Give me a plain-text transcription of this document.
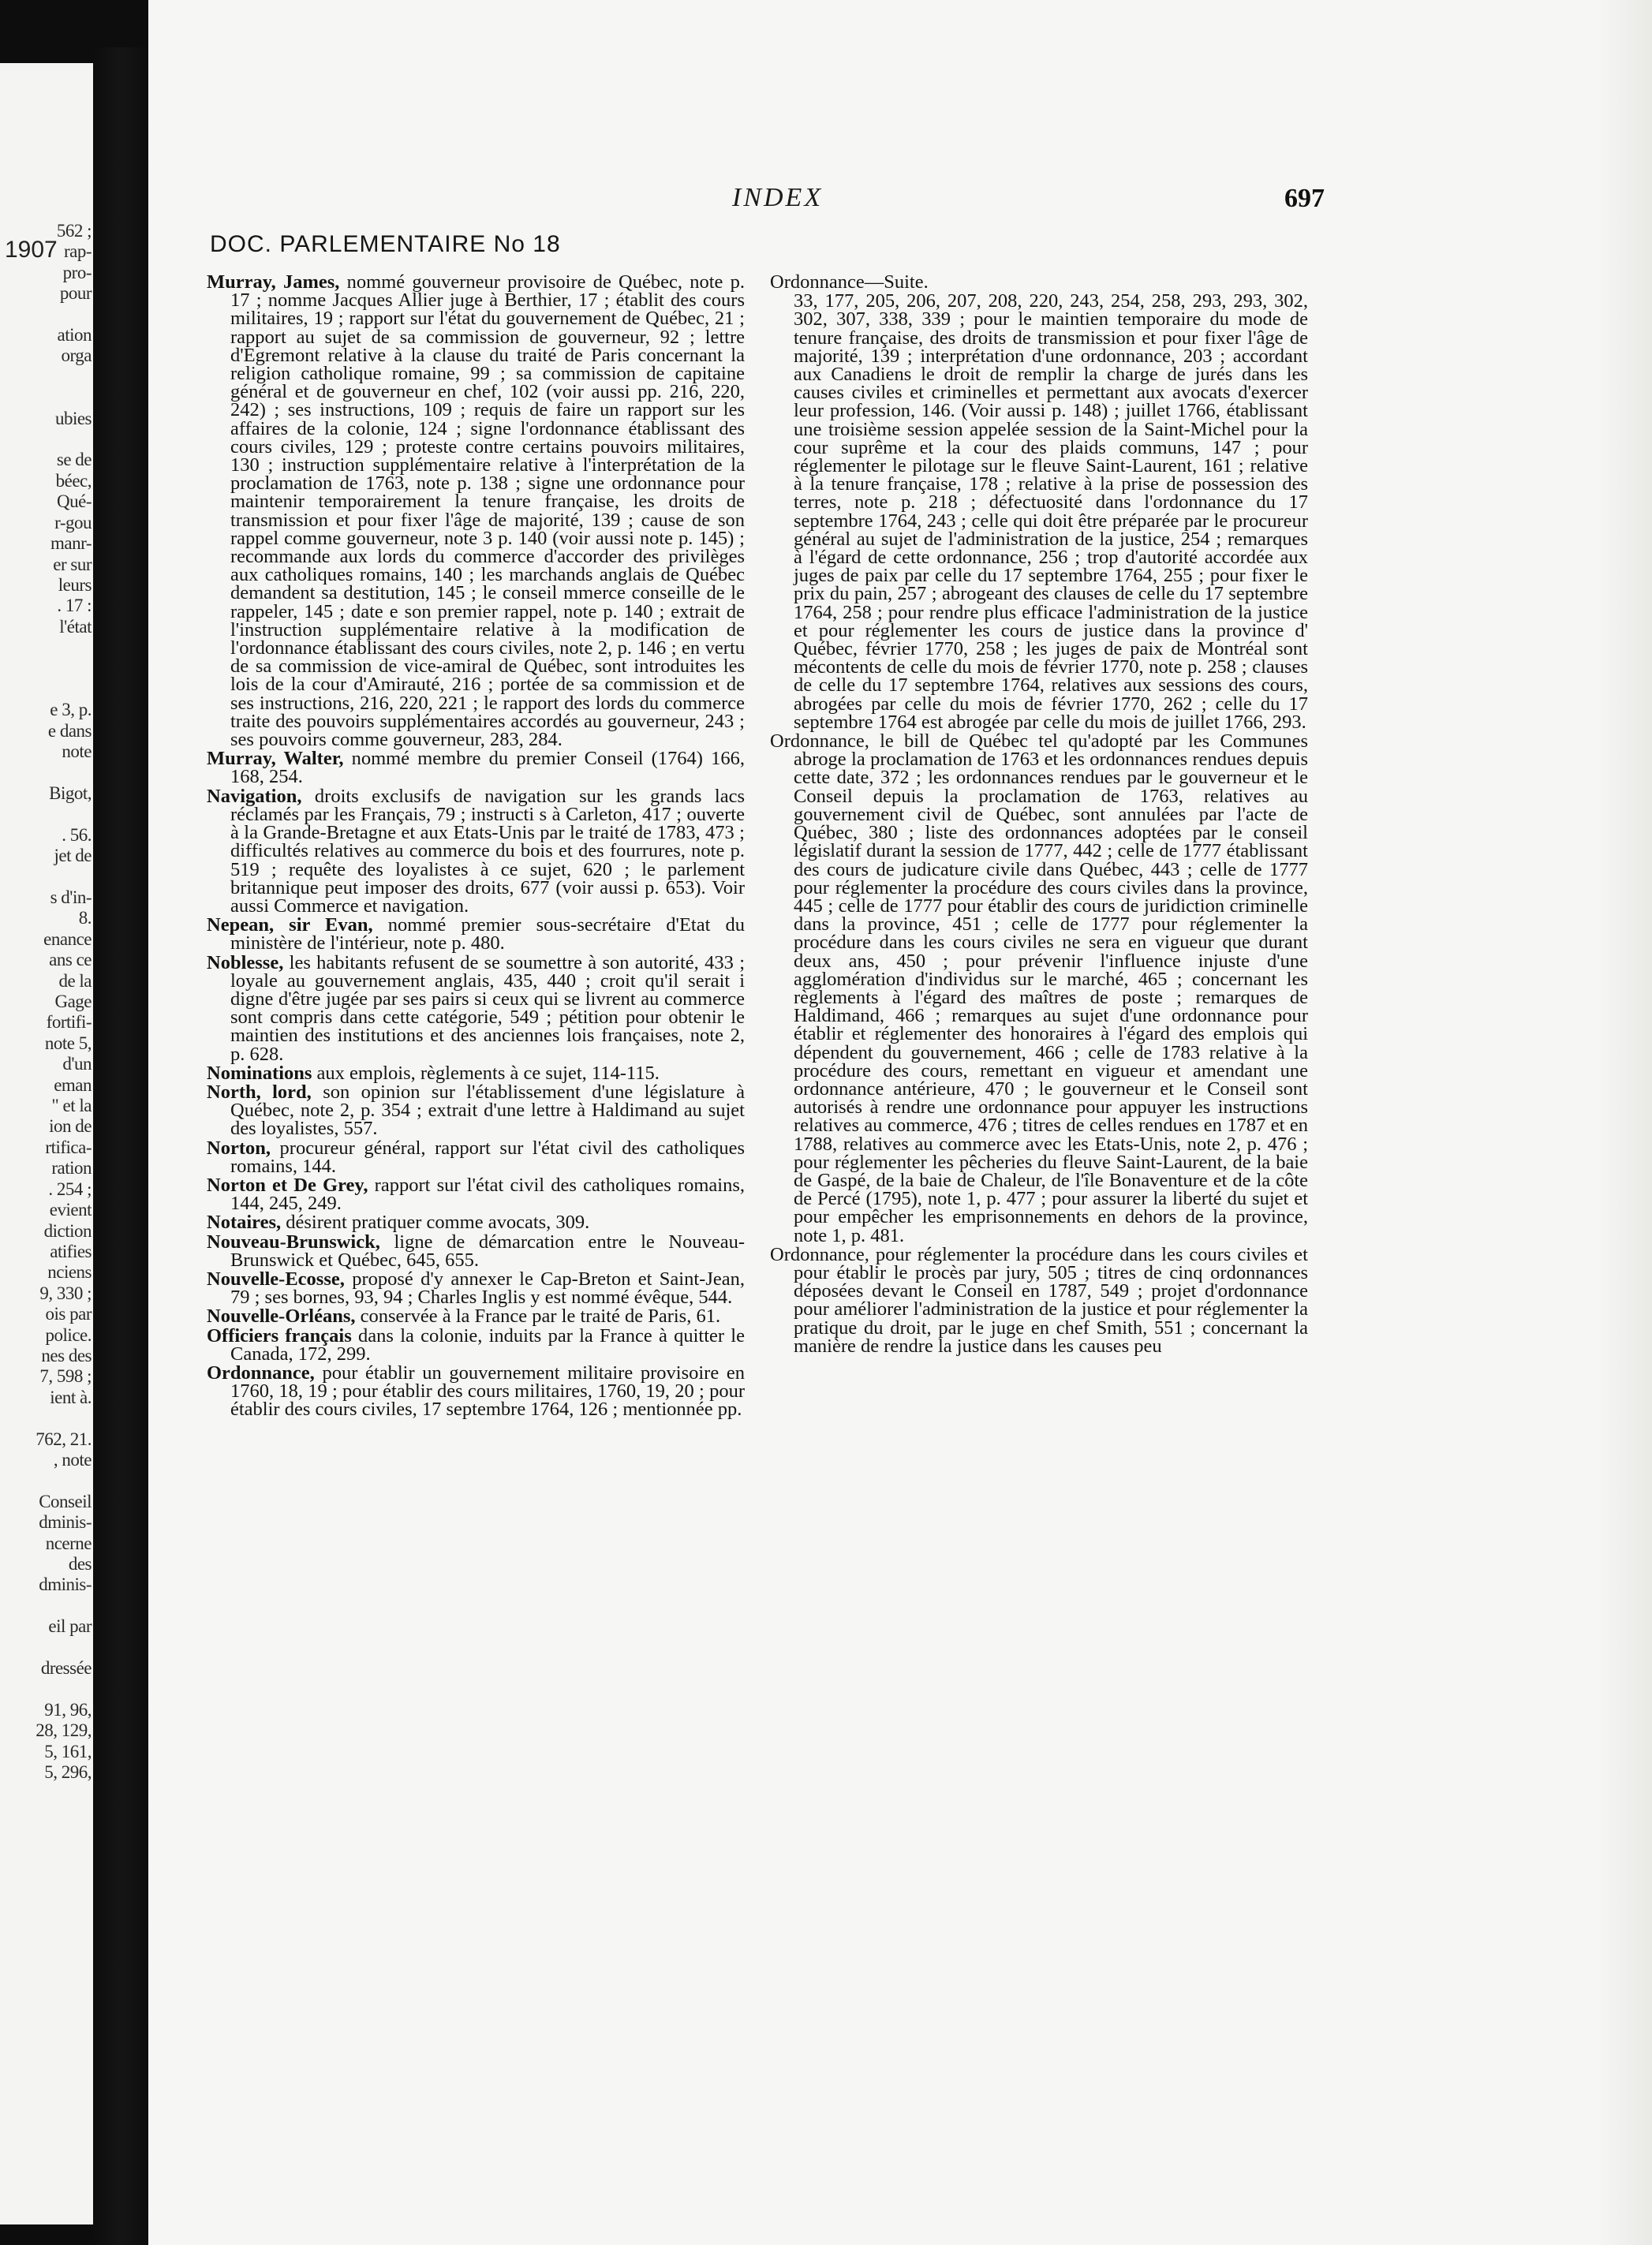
562 ;
rap-
pro-
pour

ation
orga

ubies

se de
béec,
Qué-
r-gou
manr-
er sur
leurs
. 17 :
l'état

e 3, p.
e dans
note

Bigot,

. 56.
jet de

s d'in-
8.
enance
ans ce
de la
Gage
fortifi-
note 5,
d'un
eman
" et la
ion de
rtifica-
ration
. 254 ;
evient
diction
atifies
nciens
9, 330 ;
ois par
police.
nes des
7, 598 ;
ient à.

762, 21.
, note

Conseil
dminis-
ncerne
des
dminis-

eil par

dressée

91, 96,
28, 129,
5, 161,
5, 296,
1907
INDEX	697
DOC. PARLEMENTAIRE No 18
Murray, James, nommé gouverneur provisoire de Québec, note p. 17 ; nomme Jacques Allier juge à Berthier, 17 ; établit des cours militaires, 19 ; rapport sur l'état du gouvernement de Québec, 21 ; rapport au sujet de sa commission de gouverneur, 92 ; lettre d'Egremont relative à la clause du traité de Paris concernant la religion catholique romaine, 99 ; sa commission de capitaine général et de gouverneur en chef, 102 (voir aussi pp. 216, 220, 242) ; ses instructions, 109 ; requis de faire un rapport sur les affaires de la colonie, 124 ; signe l'ordonnance établissant des cours civiles, 129 ; proteste contre certains pouvoirs militaires, 130 ; instruction supplémentaire relative à l'interprétation de la proclamation de 1763, note p. 138 ; signe une ordonnance pour maintenir temporairement la tenure française, les droits de transmission et pour fixer l'âge de majorité, 139 ; cause de son rappel comme gouverneur, note 3 p. 140 (voir aussi note p. 145) ; recommande aux lords du commerce d'accorder des privilèges aux catholiques romains, 140 ; les marchands anglais de Québec demandent sa destitution, 145 ; le conseil mmerce conseille de le rappeler, 145 ; date e son premier rappel, note p. 140 ; extrait de l'instruction supplémentaire relative à la modification de l'ordonnance établissant des cours civiles, note 2, p. 146 ; en vertu de sa commission de vice-amiral de Québec, sont introduites les lois de la cour d'Amirauté, 216 ; portée de sa commission et de ses instructions, 216, 220, 221 ; le rapport des lords du commerce traite des pouvoirs supplémentaires accordés au gouverneur, 243 ; ses pouvoirs comme gouverneur, 283, 284.
Murray, Walter, nommé membre du premier Conseil (1764) 166, 168, 254.
Navigation, droits exclusifs de navigation sur les grands lacs réclamés par les Français, 79 ; instructi s à Carleton, 417 ; ouverte à la Grande-Bretagne et aux Etats-Unis par le traité de 1783, 473 ; difficultés relatives au commerce du bois et des fourrures, note p. 519 ; requête des loyalistes à ce sujet, 620 ; le parlement britannique peut imposer des droits, 677 (voir aussi p. 653). Voir aussi Commerce et navigation.
Nepean, sir Evan, nommé premier sous-secrétaire d'Etat du ministère de l'intérieur, note p. 480.
Noblesse, les habitants refusent de se soumettre à son autorité, 433 ; loyale au gouvernement anglais, 435, 440 ; croit qu'il serait i digne d'être jugée par ses pairs si ceux qui se livrent au commerce sont compris dans cette catégorie, 549 ; pétition pour obtenir le maintien des institutions et des anciennes lois françaises, note 2, p. 628.
Nominations aux emplois, règlements à ce sujet, 114-115.
North, lord, son opinion sur l'établissement d'une législature à Québec, note 2, p. 354 ; extrait d'une lettre à Haldimand au sujet des loyalistes, 557.
Norton, procureur général, rapport sur l'état civil des catholiques romains, 144.
Norton et De Grey, rapport sur l'état civil des catholiques romains, 144, 245, 249.
Notaires, désirent pratiquer comme avocats, 309.
Nouveau-Brunswick, ligne de démarcation entre le Nouveau-Brunswick et Québec, 645, 655.
Nouvelle-Ecosse, proposé d'y annexer le Cap-Breton et Saint-Jean, 79 ; ses bornes, 93, 94 ; Charles Inglis y est nommé évêque, 544.
Nouvelle-Orléans, conservée à la France par le traité de Paris, 61.
Officiers français dans la colonie, induits par la France à quitter le Canada, 172, 299.
Ordonnance, pour établir un gouvernement militaire provisoire en 1760, 18, 19 ; pour établir des cours militaires, 1760, 19, 20 ; pour établir des cours civiles, 17 septembre 1764, 126 ; mentionnée pp.
Ordonnance—Suite.
33, 177, 205, 206, 207, 208, 220, 243, 254, 258, 293, 293, 302, 302, 307, 338, 339 ; pour le maintien temporaire du mode de tenure française, des droits de transmission et pour fixer l'âge de majorité, 139 ; interprétation d'une ordonnance, 203 ; accordant aux Canadiens le droit de remplir la charge de jurés dans les causes civiles et criminelles et permettant aux avocats d'exercer leur profession, 146. (Voir aussi p. 148) ; juillet 1766, établissant une troisième session appelée session de la Saint-Michel pour la cour suprême et la cour des plaids communs, 147 ; pour réglementer le pilotage sur le fleuve Saint-Laurent, 161 ; relative à la tenure française, 178 ; relative à la prise de possession des terres, note p. 218 ; défectuosité dans l'ordonnance du 17 septembre 1764, 243 ; celle qui doit être préparée par le procureur général au sujet de l'administration de la justice, 254 ; remarques à l'égard de cette ordonnance, 256 ; trop d'autorité accordée aux juges de paix par celle du 17 septembre 1764, 255 ; pour fixer le prix du pain, 257 ; abrogeant des clauses de celle du 17 septembre 1764, 258 ; pour rendre plus efficace l'administration de la justice et pour réglementer les cours de justice dans la province d' Québec, février 1770, 258 ; les juges de paix de Montréal sont mécontents de celle du mois de février 1770, note p. 258 ; clauses de celle du 17 septembre 1764, relatives aux sessions des cours, abrogées par celle du mois de février 1770, 262 ; celle du 17 septembre 1764 est abrogée par celle du mois de juillet 1766, 293.
Ordonnance, le bill de Québec tel qu'adopté par les Communes abroge la proclamation de 1763 et les ordonnances rendues depuis cette date, 372 ; les ordonnances rendues par le gouverneur et le Conseil depuis la proclamation de 1763, relatives au gouvernement civil de Québec, sont annulées par l'acte de Québec, 380 ; liste des ordonnances adoptées par le conseil législatif durant la session de 1777, 442 ; celle de 1777 établissant des cours de judicature civile dans Québec, 443 ; celle de 1777 pour réglementer la procédure des cours civiles dans la province, 445 ; celle de 1777 pour établir des cours de juridiction criminelle dans la province, 451 ; celle de 1777 pour réglementer la procédure dans les cours civiles ne sera en vigueur que durant deux ans, 450 ; pour prévenir l'influence injuste d'une agglomération d'individus sur le marché, 465 ; concernant les règlements à l'égard des maîtres de poste ; remarques de Haldimand, 466 ; remarques au sujet d'une ordonnance pour établir et réglementer des honoraires à l'égard des emplois qui dépendent du gouvernement, 466 ; celle de 1783 relative à la procédure des cours, remettant en vigueur et amendant une ordonnance antérieure, 470 ; le gouverneur et le Conseil sont autorisés à rendre une ordonnance pour appuyer les instructions relatives au commerce, 476 ; titres de celles rendues en 1787 et en 1788, relatives au commerce avec les Etats-Unis, note 2, p. 476 ; pour réglementer les pêcheries du fleuve Saint-Laurent, de la baie de Gaspé, de la baie de Chaleur, de l'île Bonaventure et de la côte de Percé (1795), note 1, p. 477 ; pour assurer la liberté du sujet et pour empêcher les emprisonnements en dehors de la province, note 1, p. 481.
Ordonnance, pour réglementer la procédure dans les cours civiles et pour établir le procès par jury, 505 ; titres de cinq ordonnances déposées devant le Conseil en 1787, 549 ; projet d'ordonnance pour améliorer l'administration de la justice et pour réglementer la pratique du droit, par le juge en chef Smith, 551 ; concernant la manière de rendre la justice dans les causes peu
